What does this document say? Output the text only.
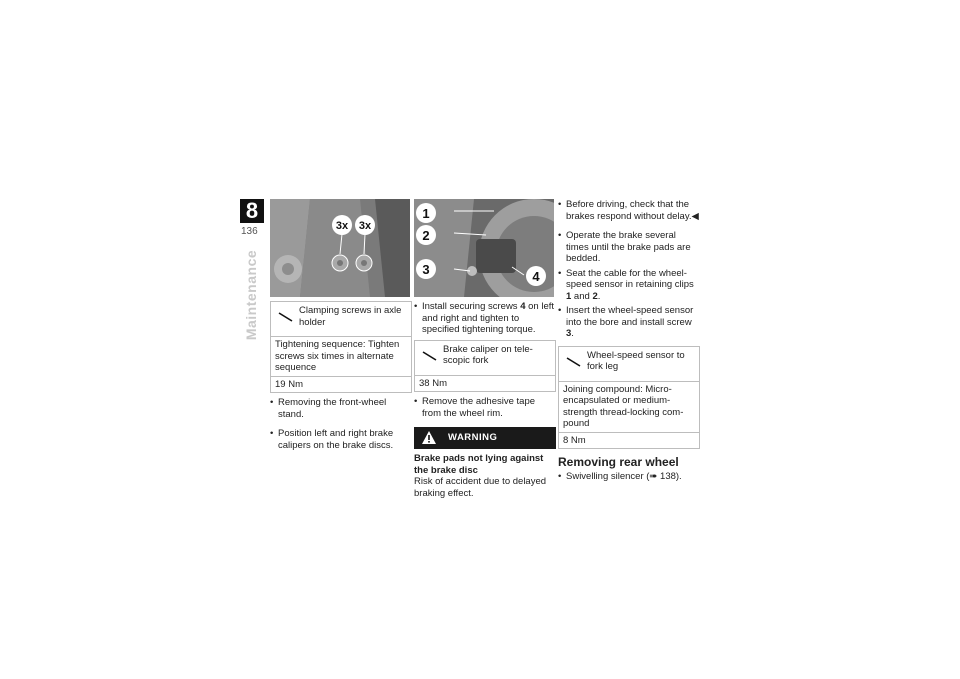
8
136
Maintenance
3x 3x
Clamping screws in axle holder
Tightening sequence: Tighten screws six times in alternate sequence
19 Nm
• Removing the front-wheel stand.
• Position left and right brake calipers on the brake discs.
1
2
3	4
• Install securing screws 4 on left and right and tighten to specified tightening torque.
Brake caliper on tele-scopic fork
38 Nm
• Remove the adhesive tape from the wheel rim.
WARNING
Brake pads not lying against the brake disc
Risk of accident due to delayed braking effect.
• Before driving, check that the brakes respond without delay.◀
• Operate the brake several times until the brake pads are bedded.
• Seat the cable for the wheel-speed sensor in retaining clips 1 and 2.
• Insert the wheel-speed sensor into the bore and install screw 3.
Wheel-speed sensor to fork leg
Joining compound: Micro-encapsulated or medium-strength thread-locking com-pound
8 Nm
Removing rear wheel
• Swivelling silencer (➠ 138).
